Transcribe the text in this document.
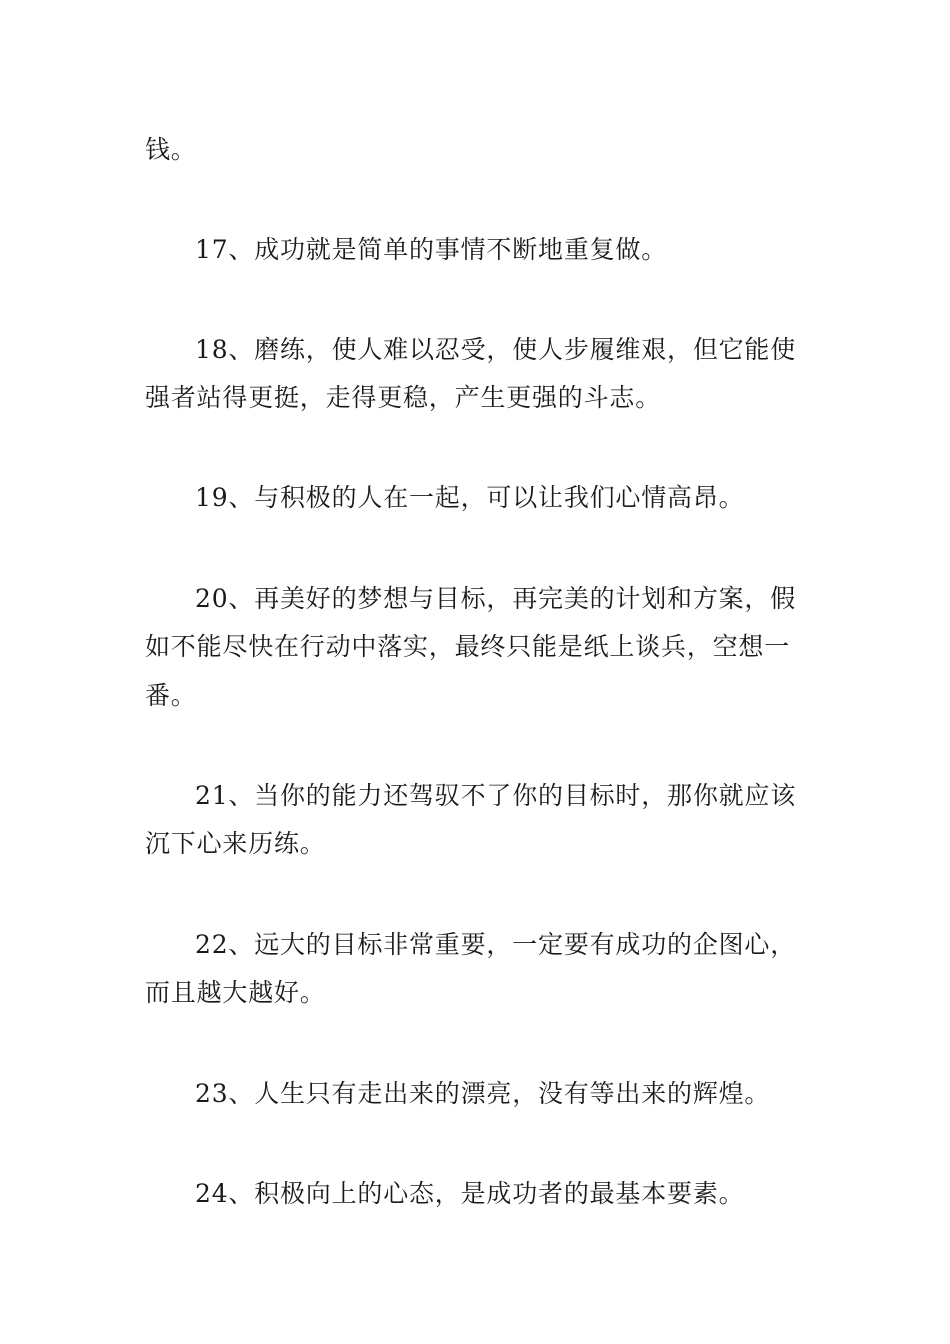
钱。
17、成功就是简单的事情不断地重复做。
18、磨练，使人难以忍受，使人步履维艰，但它能使
强者站得更挺，走得更稳，产生更强的斗志。
19、与积极的人在一起，可以让我们心情高昂。
20、再美好的梦想与目标，再完美的计划和方案，假
如不能尽快在行动中落实，最终只能是纸上谈兵，空想一
番。
21、当你的能力还驾驭不了你的目标时，那你就应该
沉下心来历练。
22、远大的目标非常重要，一定要有成功的企图心，
而且越大越好。
23、人生只有走出来的漂亮，没有等出来的辉煌。
24、积极向上的心态，是成功者的最基本要素。
